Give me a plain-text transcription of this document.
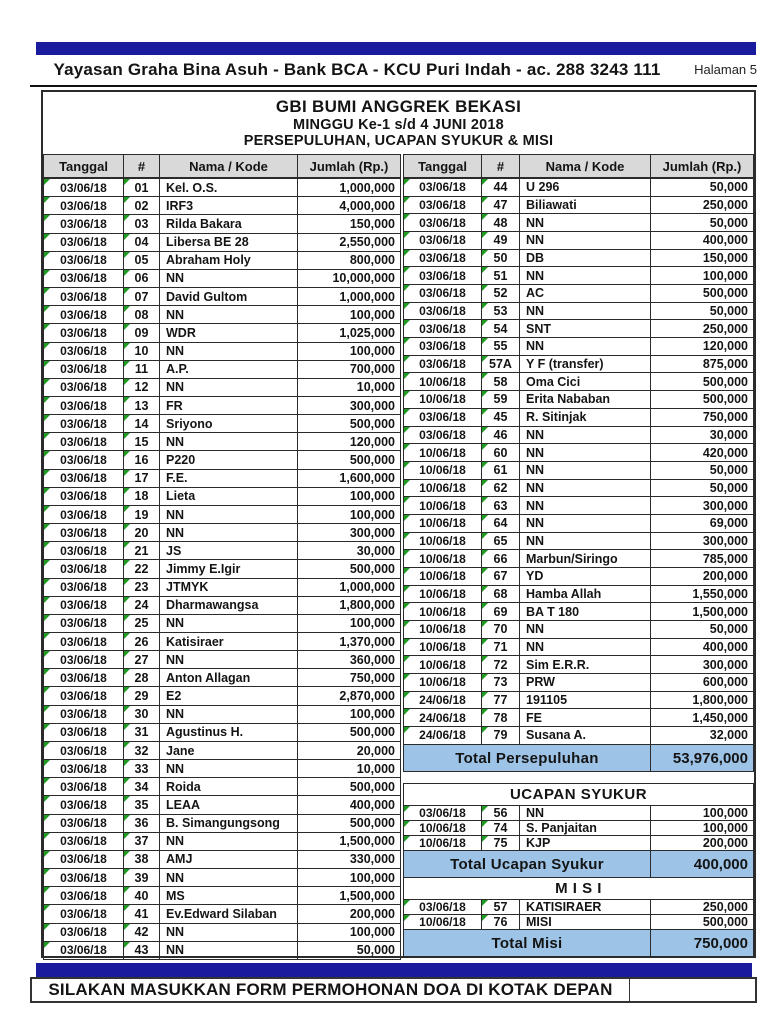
Yayasan Graha Bina Asuh - Bank BCA - KCU Puri Indah - ac. 288 3243 111	Halaman 5
GBI BUMI ANGGREK BEKASI
MINGGU Ke-1 s/d 4 JUNI 2018
PERSEPULUHAN, UCAPAN SYUKUR & MISI
Tanggal	#	Nama / Kode	Jumlah (Rp.)
03/06/18	01	Kel. O.S.	1,000,000
03/06/18	02	IRF3	4,000,000
03/06/18	03	Rilda Bakara	150,000
03/06/18	04	Libersa BE 28	2,550,000
03/06/18	05	Abraham Holy	800,000
03/06/18	06	NN	10,000,000
03/06/18	07	David Gultom	1,000,000
03/06/18	08	NN	100,000
03/06/18	09	WDR	1,025,000
03/06/18	10	NN	100,000
03/06/18	11	A.P.	700,000
03/06/18	12	NN	10,000
03/06/18	13	FR	300,000
03/06/18	14	Sriyono	500,000
03/06/18	15	NN	120,000
03/06/18	16	P220	500,000
03/06/18	17	F.E.	1,600,000
03/06/18	18	Lieta	100,000
03/06/18	19	NN	100,000
03/06/18	20	NN	300,000
03/06/18	21	JS	30,000
03/06/18	22	Jimmy E.Igir	500,000
03/06/18	23	JTMYK	1,000,000
03/06/18	24	Dharmawangsa	1,800,000
03/06/18	25	NN	100,000
03/06/18	26	Katisiraer	1,370,000
03/06/18	27	NN	360,000
03/06/18	28	Anton Allagan	750,000
03/06/18	29	E2	2,870,000
03/06/18	30	NN	100,000
03/06/18	31	Agustinus H.	500,000
03/06/18	32	Jane	20,000
03/06/18	33	NN	10,000
03/06/18	34	Roida	500,000
03/06/18	35	LEAA	400,000
03/06/18	36	B. Simangungsong	500,000
03/06/18	37	NN	1,500,000
03/06/18	38	AMJ	330,000
03/06/18	39	NN	100,000
03/06/18	40	MS	1,500,000
03/06/18	41	Ev.Edward Silaban	200,000
03/06/18	42	NN	100,000
03/06/18	43	NN	50,000
Tanggal	#	Nama / Kode	Jumlah (Rp.)
03/06/18	44	U 296	50,000
03/06/18	47	Biliawati	250,000
03/06/18	48	NN	50,000
03/06/18	49	NN	400,000
03/06/18	50	DB	150,000
03/06/18	51	NN	100,000
03/06/18	52	AC	500,000
03/06/18	53	NN	50,000
03/06/18	54	SNT	250,000
03/06/18	55	NN	120,000
03/06/18	57A	Y F (transfer)	875,000
10/06/18	58	Oma Cici	500,000
10/06/18	59	Erita Nababan	500,000
03/06/18	45	R. Sitinjak	750,000
03/06/18	46	NN	30,000
10/06/18	60	NN	420,000
10/06/18	61	NN	50,000
10/06/18	62	NN	50,000
10/06/18	63	NN	300,000
10/06/18	64	NN	69,000
10/06/18	65	NN	300,000
10/06/18	66	Marbun/Siringo	785,000
10/06/18	67	YD	200,000
10/06/18	68	Hamba Allah	1,550,000
10/06/18	69	BA T 180	1,500,000
10/06/18	70	NN	50,000
10/06/18	71	NN	400,000
10/06/18	72	Sim E.R.R.	300,000
10/06/18	73	PRW	600,000
24/06/18	77	191105	1,800,000
24/06/18	78	FE	1,450,000
24/06/18	79	Susana A.	32,000
Total Persepuluhan			53,976,000
UCAPAN SYUKUR			
03/06/18	56	NN	100,000
10/06/18	74	S. Panjaitan	100,000
10/06/18	75	KJP	200,000
Total Ucapan Syukur			400,000
M I S I			
03/06/18	57	KATISIRAER	250,000
10/06/18	76	MISI	500,000
Total Misi			750,000
SILAKAN MASUKKAN FORM PERMOHONAN DOA DI KOTAK DEPAN
